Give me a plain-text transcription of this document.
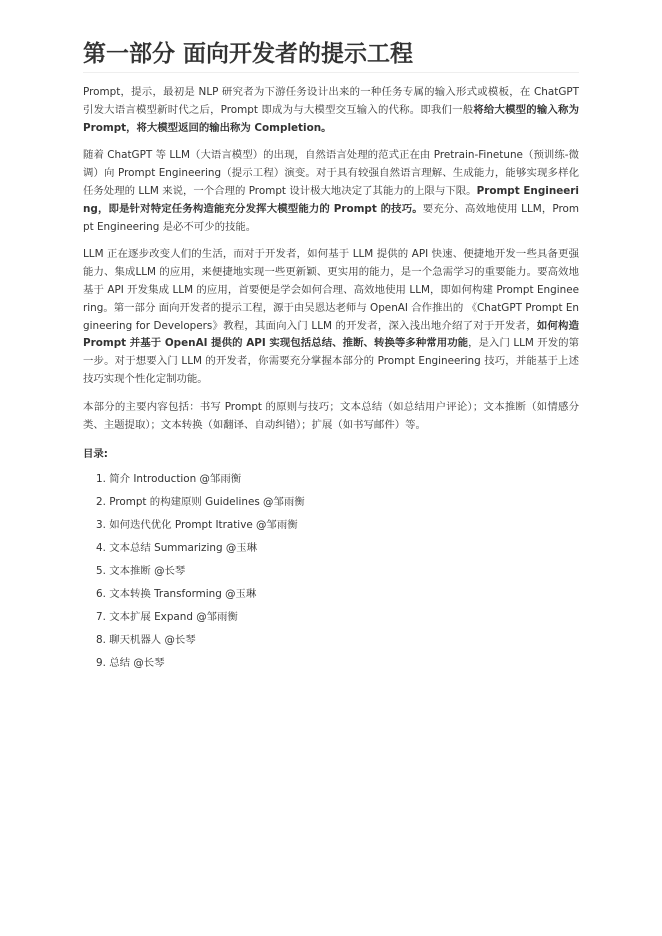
第一部分 面向开发者的提示工程

Prompt，提示，最初是 NLP 研究者为下游任务设计出来的一种任务专属的输入形式或模板，在 ChatGPT 引发大语言模型新时代之后，Prompt 即成为与大模型交互输入的代称。即我们一般将给大模型的输入称为 Prompt，将大模型返回的输出称为 Completion。

随着 ChatGPT 等 LLM（大语言模型）的出现，自然语言处理的范式正在由 Pretrain-Finetune（预训练-微调）向 Prompt Engineering（提示工程）演变。对于具有较强自然语言理解、生成能力，能够实现多样化任务处理的 LLM 来说，一个合理的 Prompt 设计极大地决定了其能力的上限与下限。Prompt Engineering，即是针对特定任务构造能充分发挥大模型能力的 Prompt 的技巧。要充分、高效地使用 LLM，Prompt Engineering 是必不可少的技能。

LLM 正在逐步改变人们的生活，而对于开发者，如何基于 LLM 提供的 API 快速、便捷地开发一些具备更强能力、集成LLM 的应用，来便捷地实现一些更新颖、更实用的能力，是一个急需学习的重要能力。要高效地基于 API 开发集成 LLM 的应用，首要便是学会如何合理、高效地使用 LLM，即如何构建 Prompt Engineering。第一部分 面向开发者的提示工程，源于由吴恩达老师与 OpenAI 合作推出的 《ChatGPT Prompt Engineering for Developers》教程，其面向入门 LLM 的开发者，深入浅出地介绍了对于开发者，如何构造 Prompt 并基于 OpenAI 提供的 API 实现包括总结、推断、转换等多种常用功能，是入门 LLM 开发的第一步。对于想要入门 LLM 的开发者，你需要充分掌握本部分的 Prompt Engineering 技巧，并能基于上述技巧实现个性化定制功能。

本部分的主要内容包括：书写 Prompt 的原则与技巧；文本总结（如总结用户评论）；文本推断（如情感分类、主题提取）；文本转换（如翻译、自动纠错）；扩展（如书写邮件）等。

目录:
1. 简介 Introduction @邹雨衡
2. Prompt 的构建原则 Guidelines @邹雨衡
3. 如何迭代优化 Prompt Itrative @邹雨衡
4. 文本总结 Summarizing @玉琳
5. 文本推断 @长琴
6. 文本转换 Transforming @玉琳
7. 文本扩展 Expand @邹雨衡
8. 聊天机器人 @长琴
9. 总结 @长琴
